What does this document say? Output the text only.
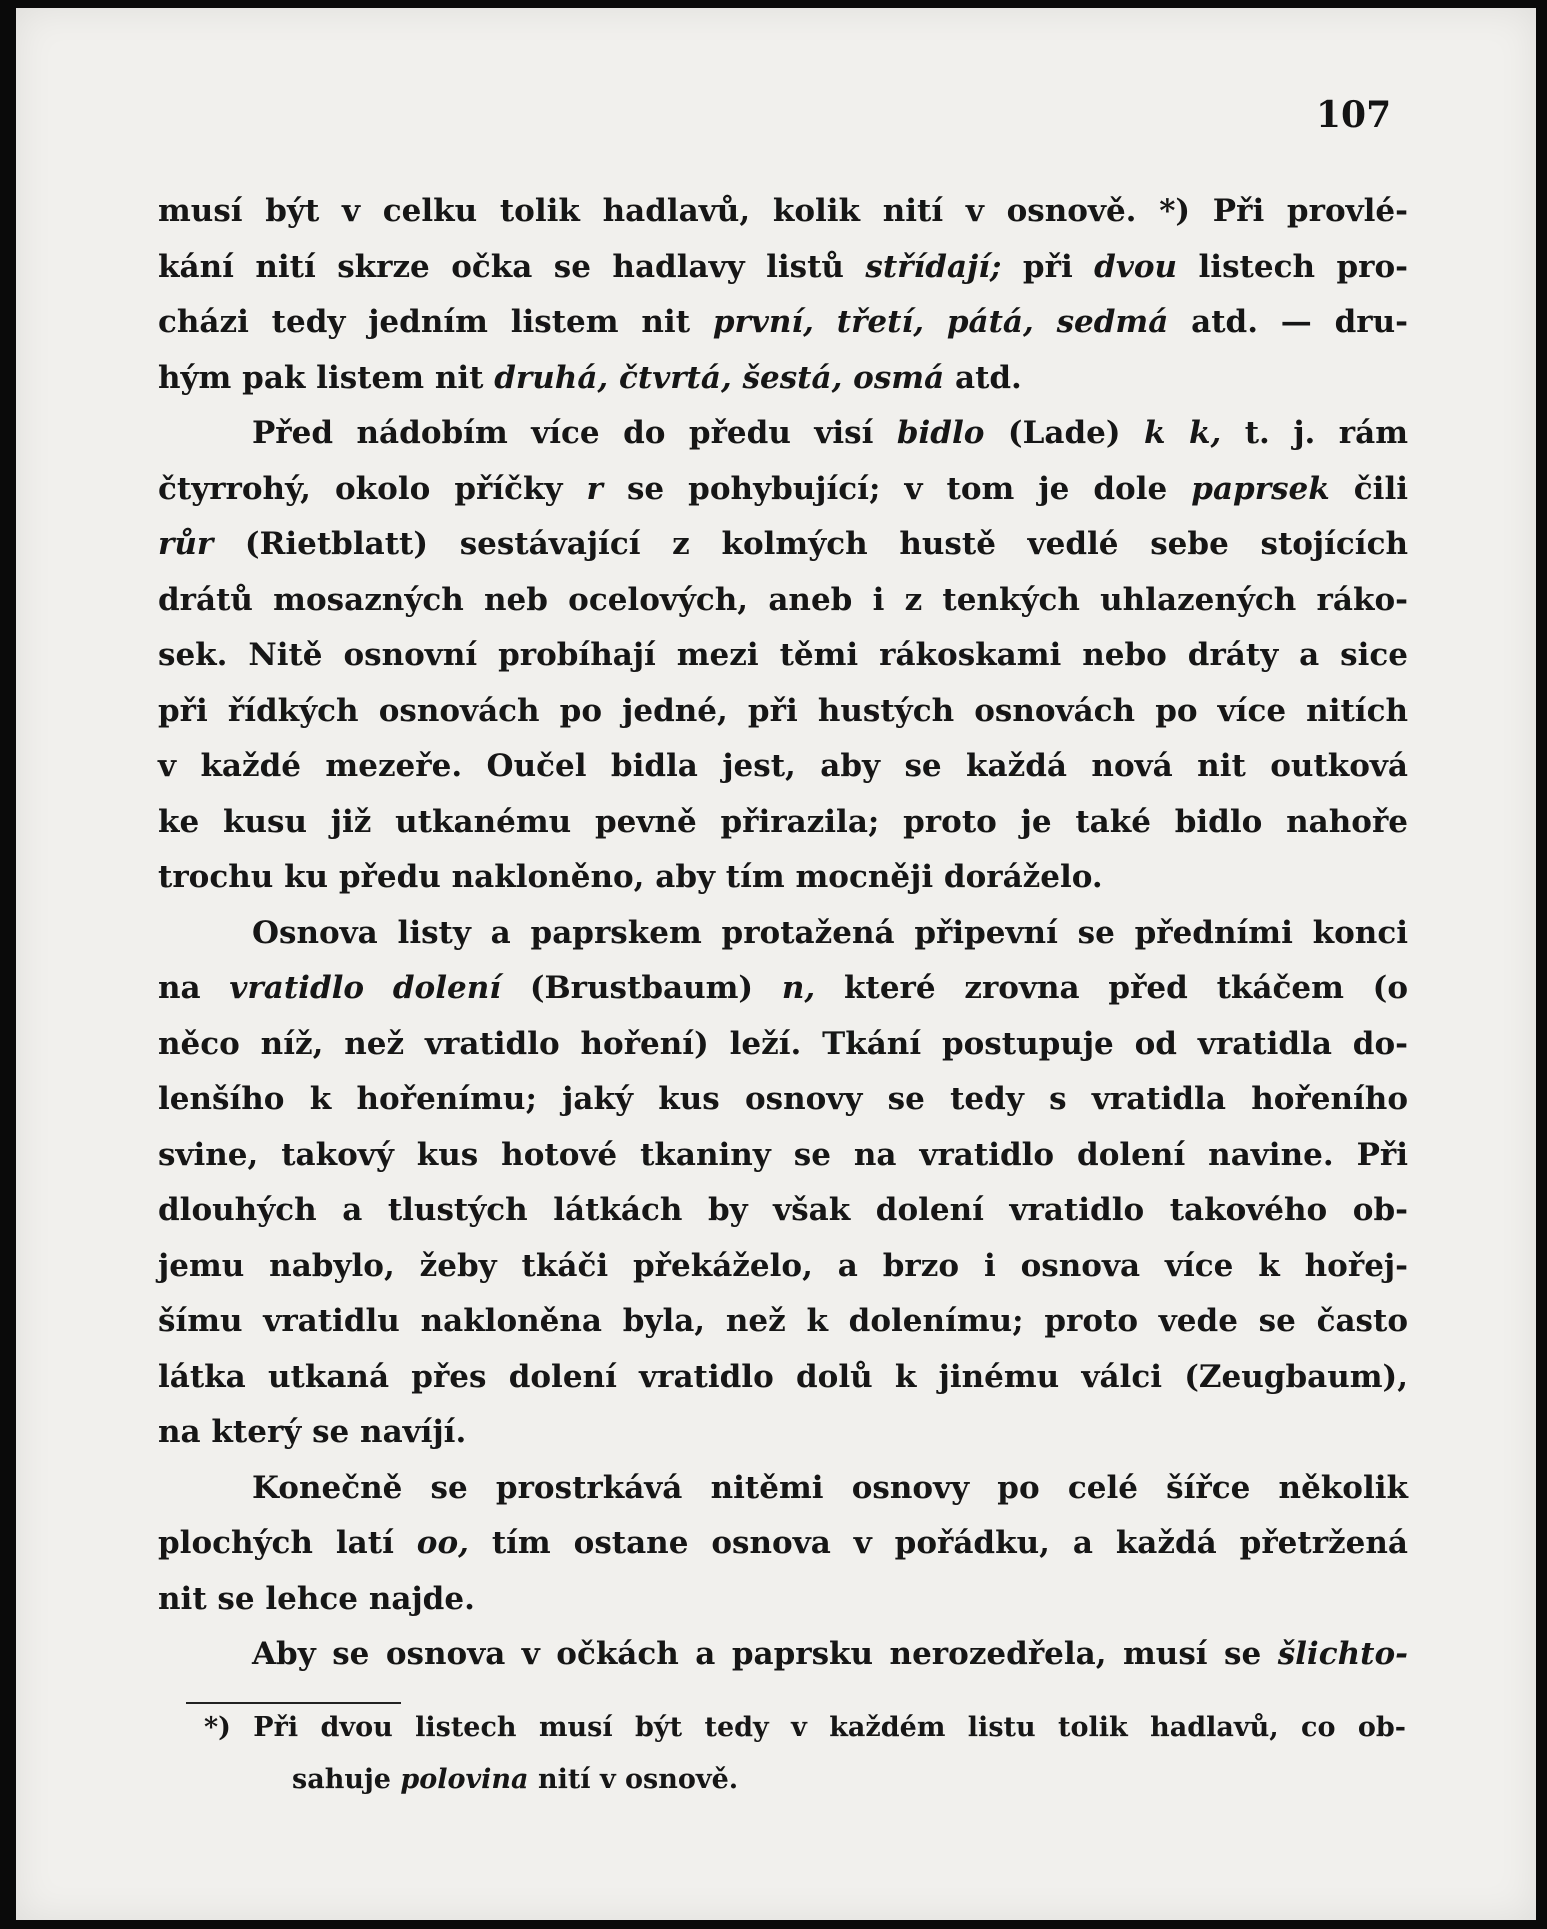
107
musí být v celku tolik hadlavů, kolik nití v osnově. *) Při provlé-
kání nití skrze očka se hadlavy listů střídají; při dvou listech pro-
cházi tedy jedním listem nit první, třetí, pátá, sedmá atd. — dru-
hým pak listem nit druhá, čtvrtá, šestá, osmá atd.
Před nádobím více do předu visí bidlo (Lade) k k, t. j. rám
čtyrrohý, okolo příčky r se pohybující; v tom je dole paprsek čili
růr (Rietblatt) sestávající z kolmých hustě vedlé sebe stojících
drátů mosazných neb ocelových, aneb i z tenkých uhlazených ráko-
sek. Nitě osnovní probíhají mezi těmi rákoskami nebo dráty a sice
při řídkých osnovách po jedné, při hustých osnovách po více nitích
v každé mezeře. Oučel bidla jest, aby se každá nová nit outková
ke kusu již utkanému pevně přirazila; proto je také bidlo nahoře
trochu ku předu nakloněno, aby tím mocněji doráželo.
Osnova listy a paprskem protažená připevní se předními konci
na vratidlo dolení (Brustbaum) n, které zrovna před tkáčem (o
něco níž, než vratidlo hoření) leží. Tkání postupuje od vratidla do-
lenšího k hořenímu; jaký kus osnovy se tedy s vratidla hořeního
svine, takový kus hotové tkaniny se na vratidlo dolení navine. Při
dlouhých a tlustých látkách by však dolení vratidlo takového ob-
jemu nabylo, žeby tkáči překáželo, a brzo i osnova více k hořej-
šímu vratidlu nakloněna byla, než k dolenímu; proto vede se často
látka utkaná přes dolení vratidlo dolů k jinému válci (Zeugbaum),
na který se navíjí.
Konečně se prostrkává nitěmi osnovy po celé šířce několik
plochých latí oo, tím ostane osnova v pořádku, a každá přetržená
nit se lehce najde.
Aby se osnova v očkách a paprsku nerozedřela, musí se šlichto-
*) Při dvou listech musí být tedy v každém listu tolik hadlavů, co ob-
sahuje polovina nití v osnově.
